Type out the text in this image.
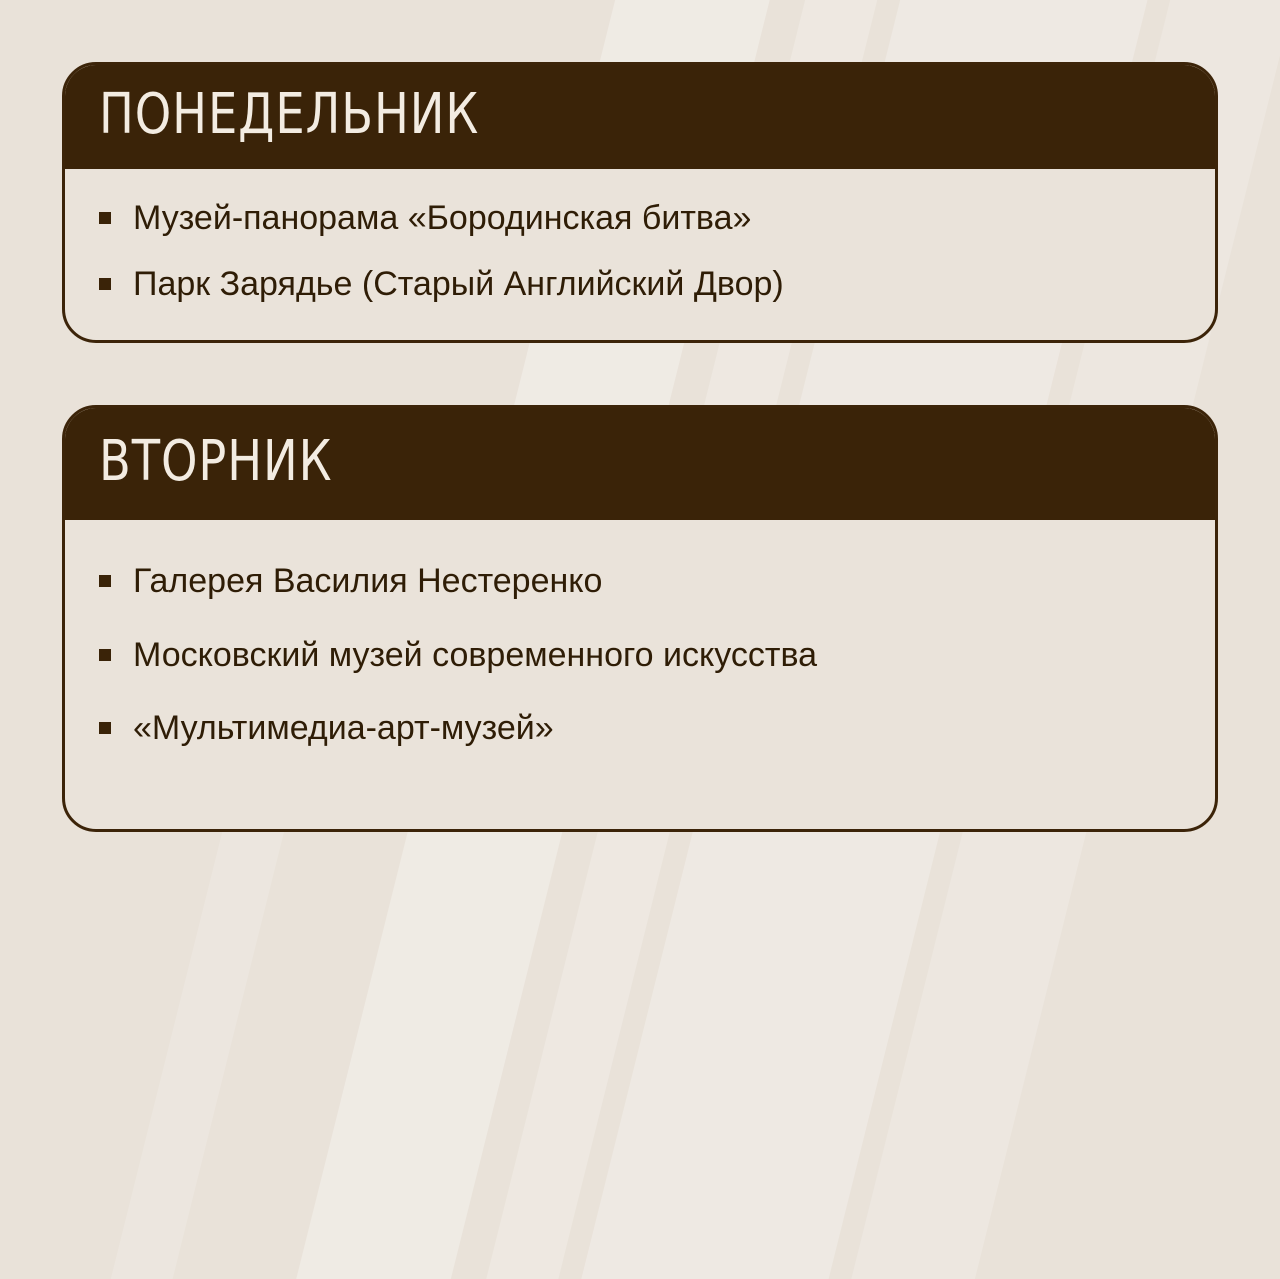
ПОНЕДЕЛЬНИК
Музей-панорама «Бородинская битва»
Парк Зарядье (Старый Английский Двор)
ВТОРНИК
Галерея Василия Нестеренко
Московский музей современного искусства
«Мультимедиа-арт-музей»
